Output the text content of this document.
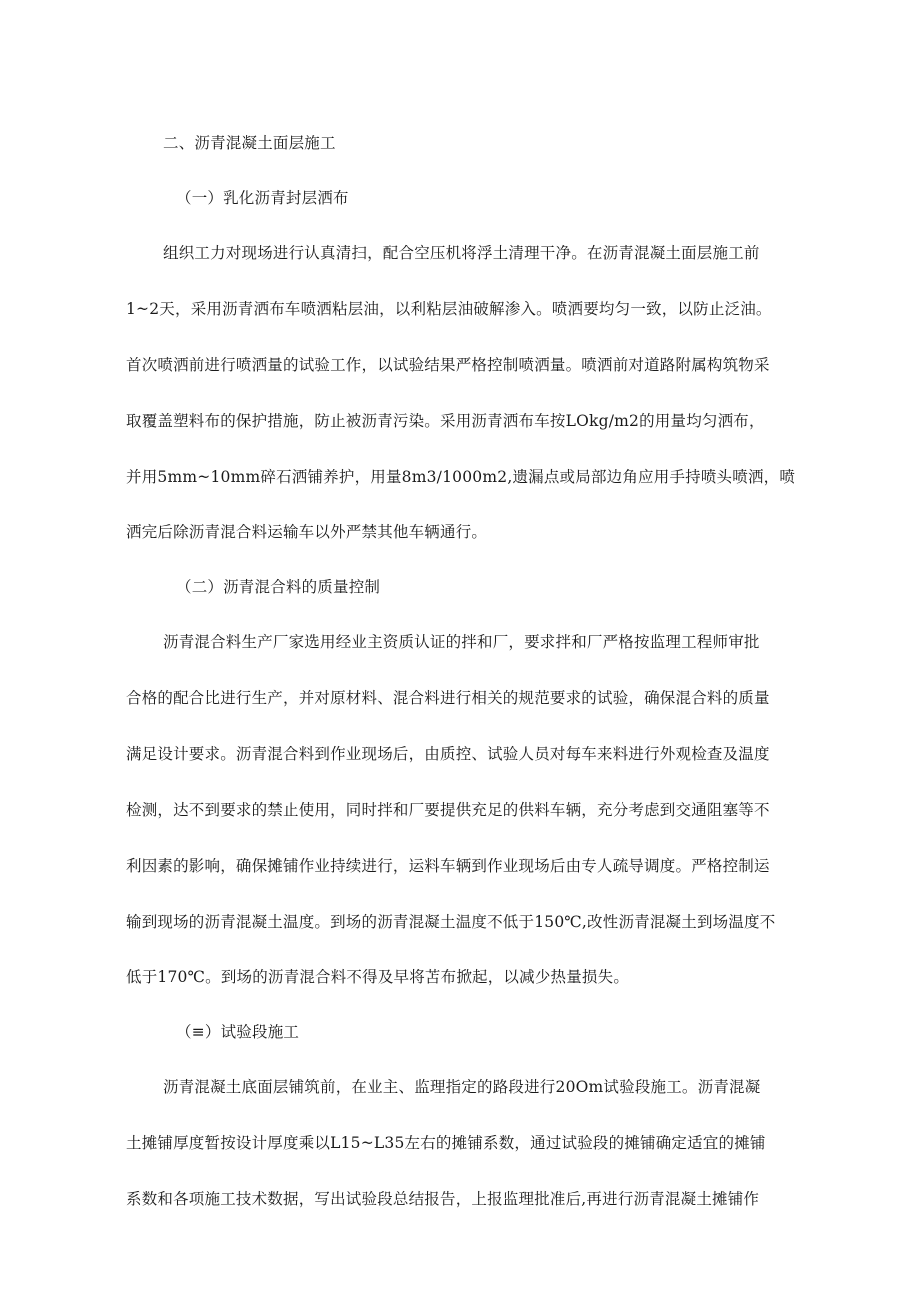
二、沥青混凝土面层施工
（一）乳化沥青封层洒布
组织工力对现场进行认真清扫，配合空压机将浮土清理干净。在沥青混凝土面层施工前
1~2天，采用沥青洒布车喷洒粘层油，以利粘层油破解渗入。喷洒要均匀一致，以防止泛油。
首次喷洒前进行喷洒量的试验工作，以试验结果严格控制喷洒量。喷洒前对道路附属构筑物采
取覆盖塑料布的保护措施，防止被沥青污染。采用沥青洒布车按LOkg/m2的用量均匀洒布，
并用5mm~10mm碎石洒铺养护，用量8m3∕1000m2,遗漏点或局部边角应用手持喷头喷洒，喷
洒完后除沥青混合料运输车以外严禁其他车辆通行。
（二）沥青混合料的质量控制
沥青混合料生产厂家选用经业主资质认证的拌和厂，要求拌和厂严格按监理工程师审批
合格的配合比进行生产，并对原材料、混合料进行相关的规范要求的试验，确保混合料的质量
满足设计要求。沥青混合料到作业现场后，由质控、试验人员对每车来料进行外观检查及温度
检测，达不到要求的禁止使用，同时拌和厂要提供充足的供料车辆，充分考虑到交通阻塞等不
利因素的影响，确保摊铺作业持续进行，运料车辆到作业现场后由专人疏导调度。严格控制运
输到现场的沥青混凝土温度。到场的沥青混凝土温度不低于150℃,改性沥青混凝土到场温度不
低于170℃。到场的沥青混合料不得及早将苫布掀起，以减少热量损失。
（≡）试验段施工
沥青混凝土底面层铺筑前，在业主、监理指定的路段进行20Om试验段施工。沥青混凝
土摊铺厚度暂按设计厚度乘以L15~L35左右的摊铺系数，通过试验段的摊铺确定适宜的摊铺
系数和各项施工技术数据，写出试验段总结报告，上报监理批准后,再进行沥青混凝土摊铺作
